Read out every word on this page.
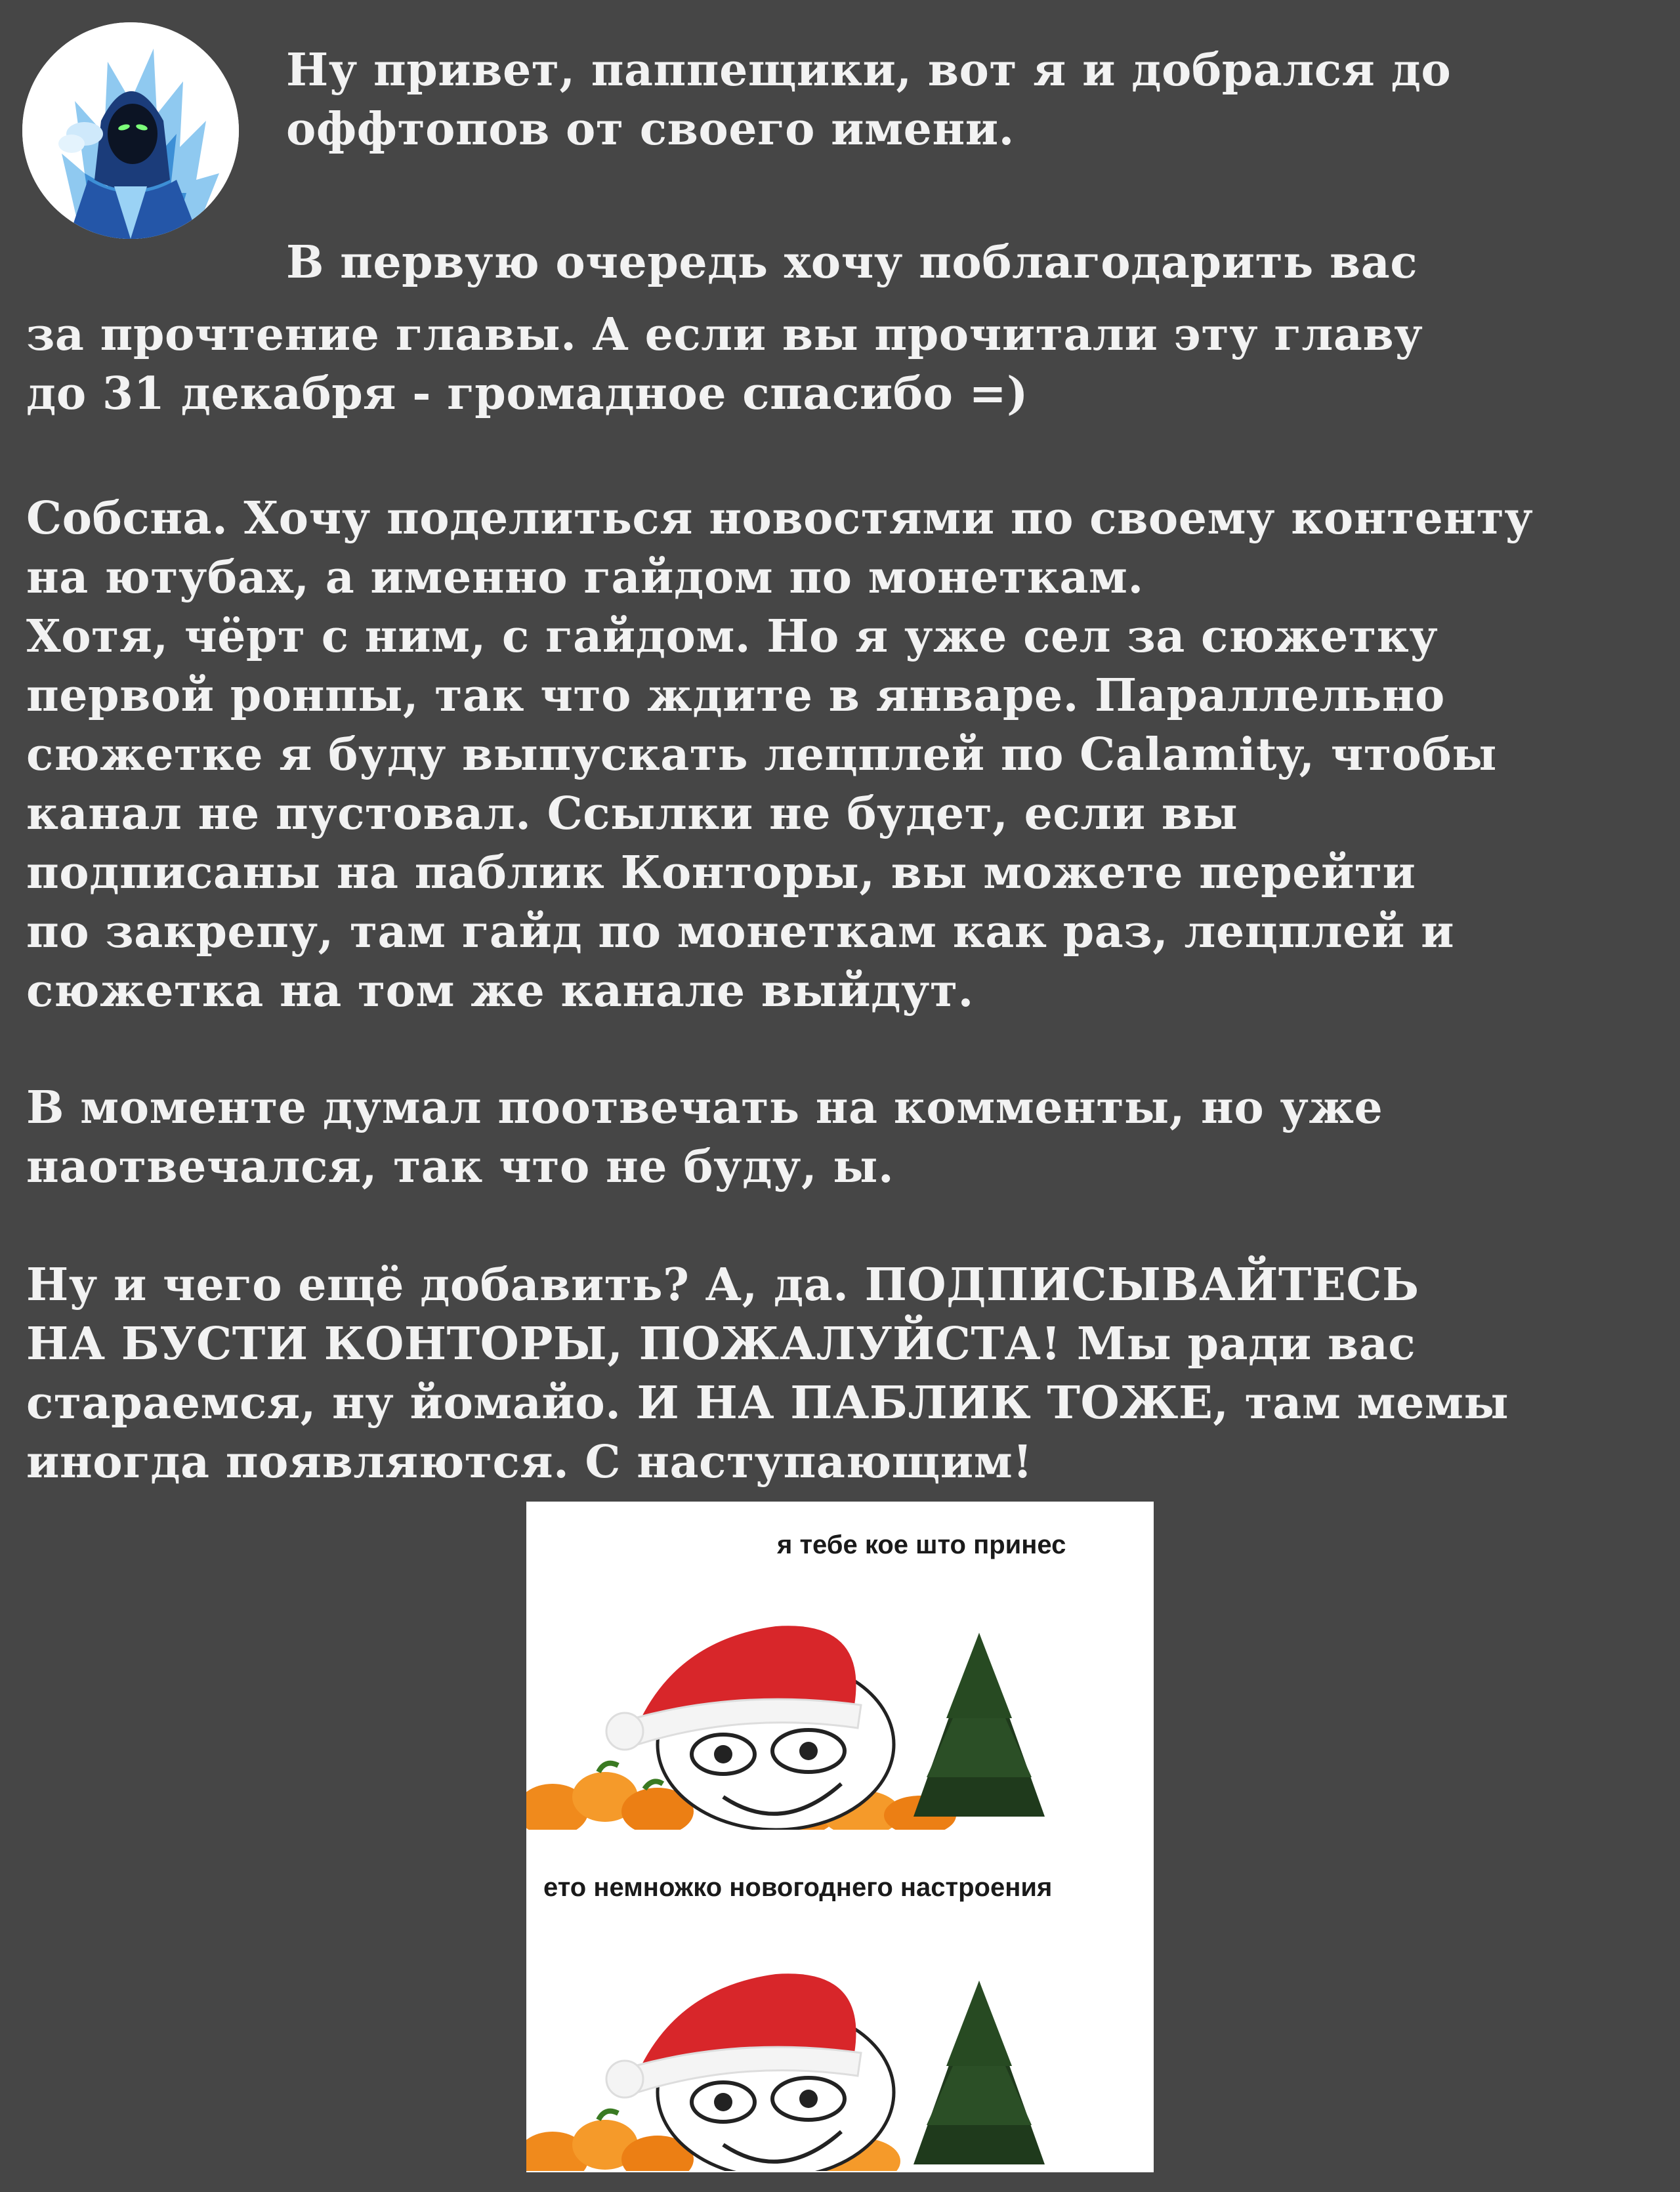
Ну привет, паппещики, вот я и добрался до
оффтопов от своего имени.

В первую очередь хочу поблагодарить вас

за прочтение главы. А если вы прочитали эту главу
до 31 декабря - громадное спасибо =)

Собсна. Хочу поделиться новостями по своему контенту
на ютубах, а именно гайдом по монеткам.
Хотя, чёрт с ним, с гайдом. Но я уже сел за сюжетку
первой ронпы, так что ждите в январе. Параллельно
сюжетке я буду выпускать лецплей по Calamity, чтобы
канал не пустовал. Ссылки не будет, если вы
подписаны на паблик Конторы, вы можете перейти
по закрепу, там гайд по монеткам как раз, лецплей и
сюжетка на том же канале выйдут.

В моменте думал поотвечать на комменты, но уже
наотвечался, так что не буду, ы.

Ну и чего ещё добавить? А, да. ПОДПИСЫВАЙТЕСЬ
НА БУСТИ КОНТОРЫ, ПОЖАЛУЙСТА! Мы ради вас
стараемся, ну йомайо. И НА ПАБЛИК ТОЖЕ, там мемы
иногда появляются. С наступающим!

я тебе кое што принес
ето немножко новогоднего настроения
